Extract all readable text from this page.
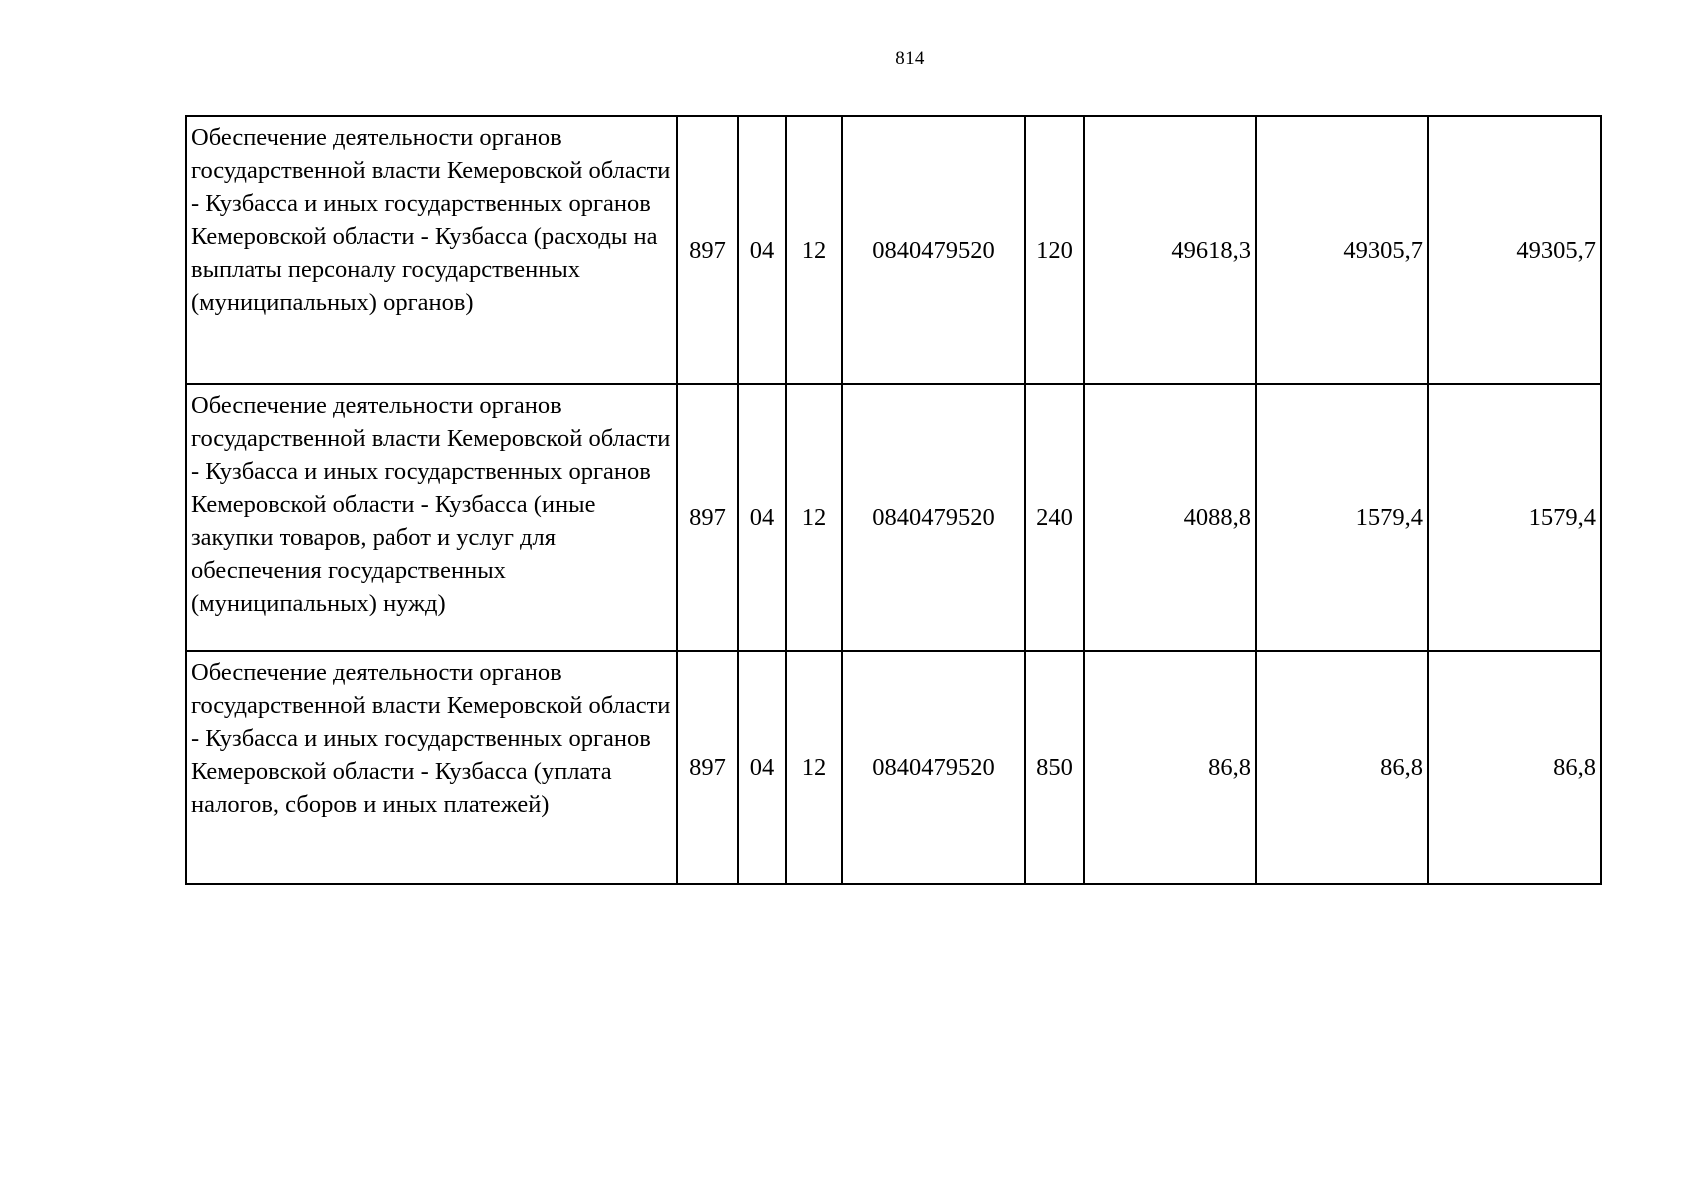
814
Обеспечение деятельности органов государственной власти Кемеровской области - Кузбасса и иных государственных органов Кемеровской области - Кузбасса (расходы на выплаты персоналу государственных (муниципальных) органов)	897	04	12	0840479520	120	49618,3	49305,7	49305,7
Обеспечение деятельности органов государственной власти Кемеровской области - Кузбасса и иных государственных органов Кемеровской области - Кузбасса (иные закупки товаров, работ и услуг для обеспечения государственных (муниципальных) нужд)	897	04	12	0840479520	240	4088,8	1579,4	1579,4
Обеспечение деятельности органов государственной власти Кемеровской области - Кузбасса и иных государственных органов Кемеровской области - Кузбасса (уплата налогов, сборов и иных платежей)	897	04	12	0840479520	850	86,8	86,8	86,8
